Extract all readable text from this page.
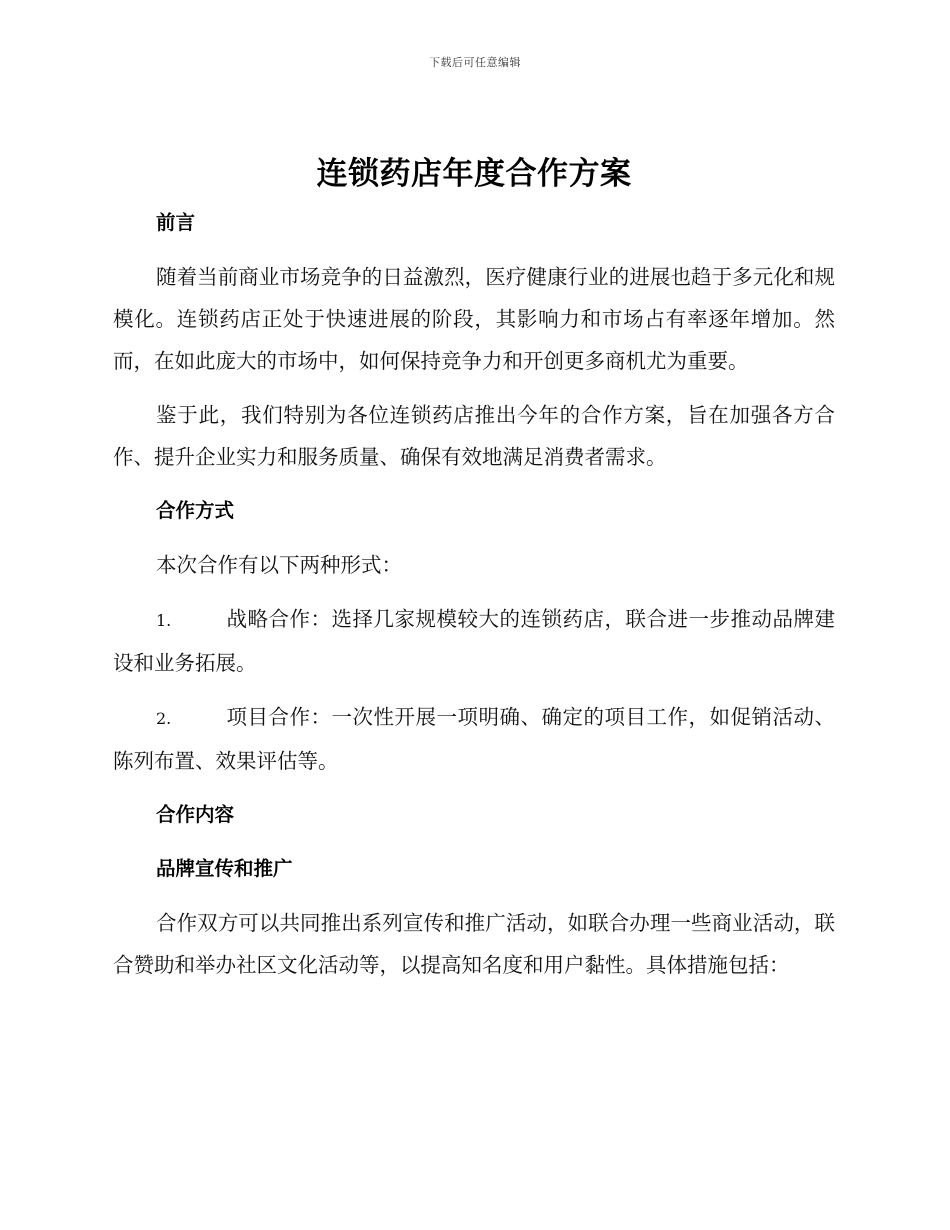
下载后可任意编辑
连锁药店年度合作方案
前言

随着当前商业市场竞争的日益激烈，医疗健康行业的进展也趋于多元化和规模化。连锁药店正处于快速进展的阶段，其影响力和市场占有率逐年增加。然而，在如此庞大的市场中，如何保持竞争力和开创更多商机尤为重要。

鉴于此，我们特别为各位连锁药店推出今年的合作方案，旨在加强各方合作、提升企业实力和服务质量、确保有效地满足消费者需求。

合作方式

本次合作有以下两种形式：

1.	战略合作：选择几家规模较大的连锁药店，联合进一步推动品牌建设和业务拓展。

2.	项目合作：一次性开展一项明确、确定的项目工作，如促销活动、陈列布置、效果评估等。

合作内容
品牌宣传和推广

合作双方可以共同推出系列宣传和推广活动，如联合办理一些商业活动，联合赞助和举办社区文化活动等，以提高知名度和用户黏性。具体措施包括：
